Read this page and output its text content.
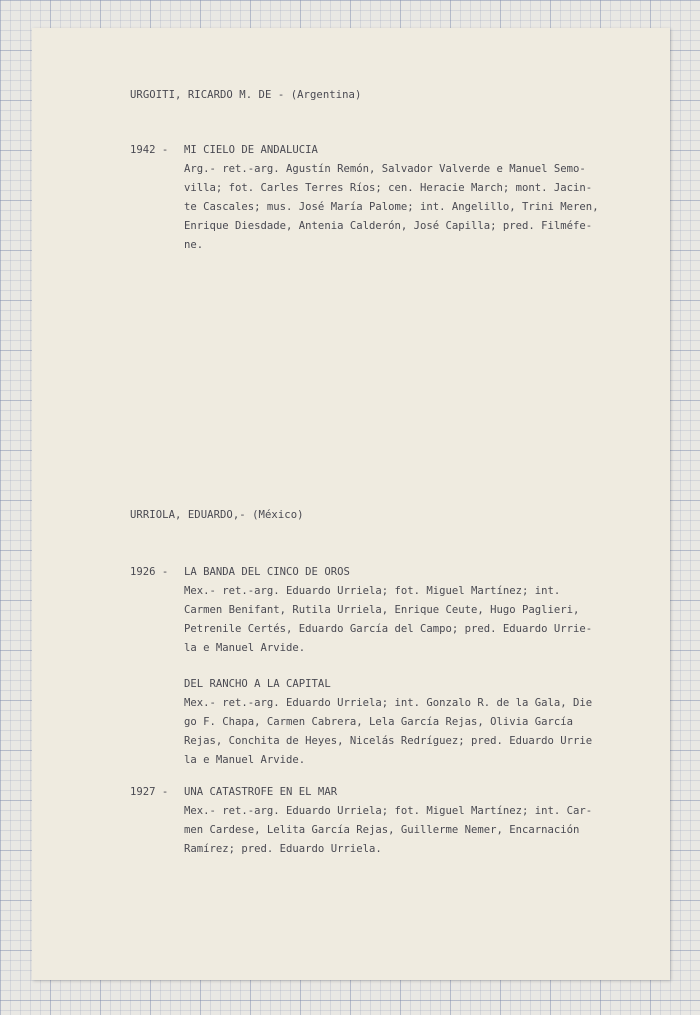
URGOITI, RICARDO M. DE - (Argentina)

1942 - MI CIELO DE ANDALUCIA
Arg.- ret.-arg. Agustín Remón, Salvador Valverde e Manuel Semo-
villa; fot. Carles Terres Ríos; cen. Heracie March; mont. Jacin-
te Cascales; mus. José María Palome; int. Angelillo, Trini Meren,
Enrique Diesdade, Antenia Calderón, José Capilla; pred. Filméfe-
ne.

URRIOLA, EDUARDO,- (México)

1926 - LA BANDA DEL CINCO DE OROS
Mex.- ret.-arg. Eduardo Urriela; fot. Miguel Martínez; int.
Carmen Benifant, Rutila Urriela, Enrique Ceute, Hugo Paglieri,
Petrenile Certés, Eduardo García del Campo; pred. Eduardo Urrie-
la e Manuel Arvide.
DEL RANCHO A LA CAPITAL
Mex.- ret.-arg. Eduardo Urriela; int. Gonzalo R. de la Gala, Die
go F. Chapa, Carmen Cabrera, Lela García Rejas, Olivia García
Rejas, Conchita de Heyes, Nicelás Redríguez; pred. Eduardo Urrie
la e Manuel Arvide.
1927 - UNA CATASTROFE EN EL MAR
Mex.- ret.-arg. Eduardo Urriela; fot. Miguel Martínez; int. Car-
men Cardese, Lelita García Rejas, Guillerme Nemer, Encarnación
Ramírez; pred. Eduardo Urriela.
